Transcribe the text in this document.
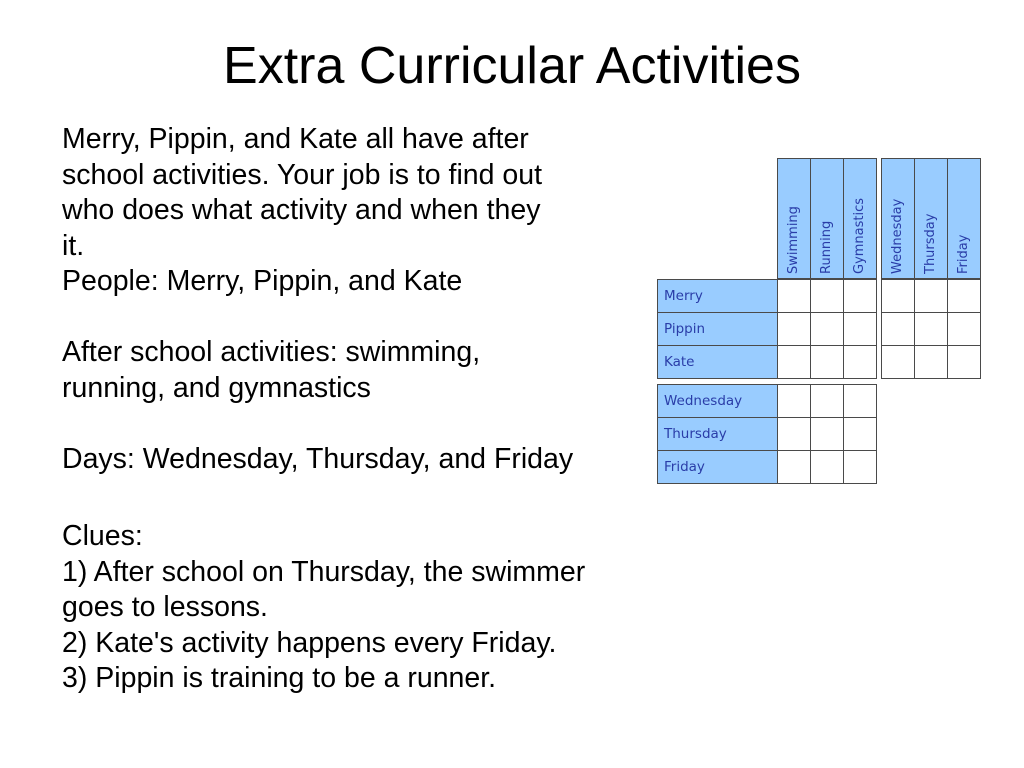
Extra Curricular Activities
Merry, Pippin, and Kate all have after
school activities. Your job is to find out
who does what activity and when they
it.
People: Merry, Pippin, and Kate
After school activities: swimming,
running, and gymnastics
Days: Wednesday, Thursday, and Friday
Clues:
1) After school on Thursday, the swimmer
goes to lessons.
2) Kate's activity happens every Friday.
3) Pippin is training to be a runner.
Swimming Running Gymnastics Wednesday Thursday Friday
Merry
Pippin
Kate
Wednesday
Thursday
Friday
